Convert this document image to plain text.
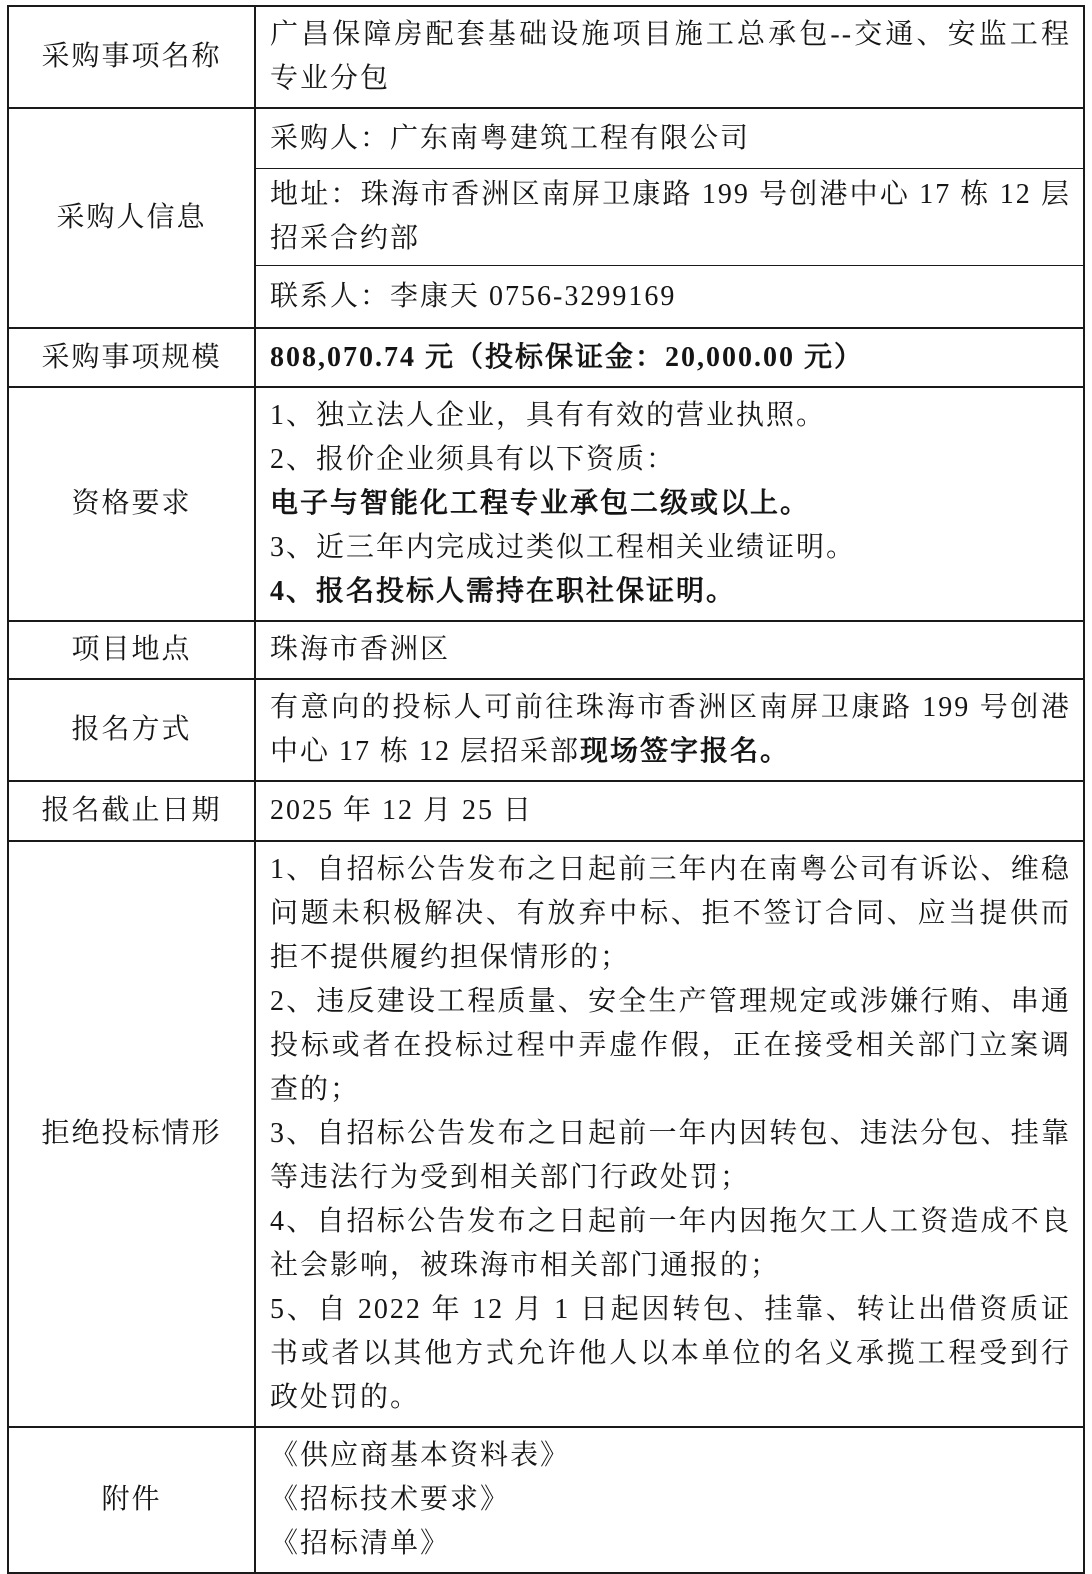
采购事项名称
广昌保障房配套基础设施项目施工总承包--交通、安监工程专业分包
采购人信息
采购人：广东南粤建筑工程有限公司
地址：珠海市香洲区南屏卫康路 199 号创港中心 17 栋 12 层招采合约部
联系人：李康天 0756-3299169
采购事项规模 808,070.74 元（投标保证金：20,000.00 元）
资格要求
1、独立法人企业，具有有效的营业执照。
2、报价企业须具有以下资质：
电子与智能化工程专业承包二级或以上。
3、近三年内完成过类似工程相关业绩证明。
4、报名投标人需持在职社保证明。
项目地点	珠海市香洲区
报名方式
有意向的投标人可前往珠海市香洲区南屏卫康路 199 号创港中心 17 栋 12 层招采部现场签字报名。
报名截止日期 2025 年 12 月 25 日
拒绝投标情形
1、自招标公告发布之日起前三年内在南粤公司有诉讼、维稳问题未积极解决、有放弃中标、拒不签订合同、应当提供而拒不提供履约担保情形的；
2、违反建设工程质量、安全生产管理规定或涉嫌行贿、串通投标或者在投标过程中弄虚作假，正在接受相关部门立案调查的；
3、自招标公告发布之日起前一年内因转包、违法分包、挂靠等违法行为受到相关部门行政处罚；
4、自招标公告发布之日起前一年内因拖欠工人工资造成不良社会影响，被珠海市相关部门通报的；
5、自 2022 年 12 月 1 日起因转包、挂靠、转让出借资质证书或者以其他方式允许他人以本单位的名义承揽工程受到行政处罚的。
附件
《供应商基本资料表》
《招标技术要求》
《招标清单》
